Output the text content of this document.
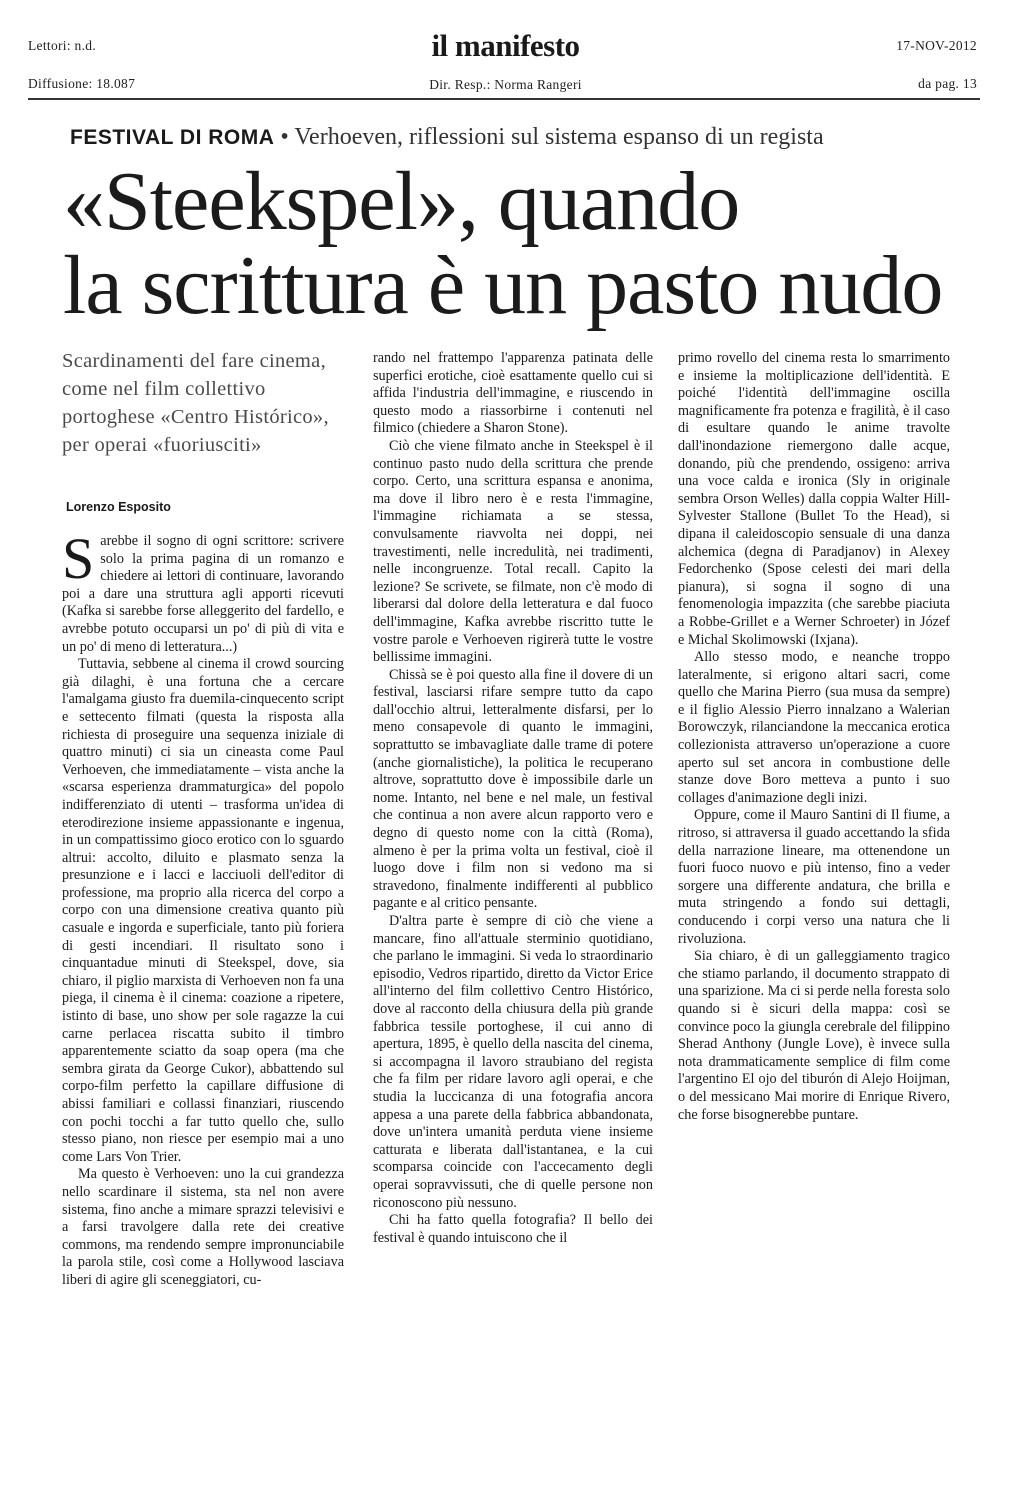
Lettori: n.d.
Diffusione: 18.087
il manifesto
Dir. Resp.: Norma Rangeri
17-NOV-2012
da pag. 13
FESTIVAL DI ROMA • Verhoeven, riflessioni sul sistema espanso di un regista
«Steekspel», quando
la scrittura è un pasto nudo
Scardinamenti del fare cinema, come nel film collettivo portoghese «Centro Histórico», per operai «fuoriusciti»
Lorenzo Esposito

Sarebbe il sogno di ogni scrittore: scrivere solo la prima pagina di un romanzo e chiedere ai lettori di continuare, lavorando poi a dare una struttura agli apporti ricevuti (Kafka si sarebbe forse alleggerito del fardello, e avrebbe potuto occuparsi un po' di più di vita e un po' di meno di letteratura...)

Tuttavia, sebbene al cinema il crowd sourcing già dilaghi, è una fortuna che a cercare l'amalgama giusto fra duemila-cinquecento script e settecento filmati (questa la risposta alla richiesta di proseguire una sequenza iniziale di quattro minuti) ci sia un cineasta come Paul Verhoeven, che immediatamente – vista anche la «scarsa esperienza drammaturgica» del popolo indifferenziato di utenti – trasforma un'idea di eterodirezione insieme appassionante e ingenua, in un compattissimo gioco erotico con lo sguardo altrui: accolto, diluito e plasmato senza la presunzione e i lacci e lacciuoli dell'editor di professione, ma proprio alla ricerca del corpo a corpo con una dimensione creativa quanto più casuale e ingorda e superficiale, tanto più foriera di gesti incendiari. Il risultato sono i cinquantadue minuti di Steekspel, dove, sia chiaro, il piglio marxista di Verhoeven non fa una piega, il cinema è il cinema: coazione a ripetere, istinto di base, uno show per sole ragazze la cui carne perlacea riscatta subito il timbro apparentemente sciatto da soap opera (ma che sembra girata da George Cukor), abbattendo sul corpo-film perfetto la capillare diffusione di abissi familiari e collassi finanziari, riuscendo con pochi tocchi a far tutto quello che, sullo stesso piano, non riesce per esempio mai a uno come Lars Von Trier.

Ma questo è Verhoeven: uno la cui grandezza nello scardinare il sistema, sta nel non avere sistema, fino anche a mimare sprazzi televisivi e a farsi travolgere dalla rete dei creative commons, ma rendendo sempre impronunciabile la parola stile, così come a Hollywood lasciava liberi di agire gli sceneggiatori, cu-

rando nel frattempo l'apparenza patinata delle superfici erotiche, cioè esattamente quello cui si affida l'industria dell'immagine, e riuscendo in questo modo a riassorbirne i contenuti nel filmico (chiedere a Sharon Stone).

Ciò che viene filmato anche in Steekspel è il continuo pasto nudo della scrittura che prende corpo. Certo, una scrittura espansa e anonima, ma dove il libro nero è e resta l'immagine, l'immagine richiamata a se stessa, convulsamente riavvolta nei doppi, nei travestimenti, nelle incredulità, nei tradimenti, nelle incongruenze. Total recall. Capito la lezione? Se scrivete, se filmate, non c'è modo di liberarsi dal dolore della letteratura e dal fuoco dell'immagine, Kafka avrebbe riscritto tutte le vostre parole e Verhoeven rigirerà tutte le vostre bellissime immagini.

Chissà se è poi questo alla fine il dovere di un festival, lasciarsi rifare sempre tutto da capo dall'occhio altrui, letteralmente disfarsi, per lo meno consapevole di quanto le immagini, soprattutto se imbavagliate dalle trame di potere (anche giornalistiche), la politica le recuperano altrove, soprattutto dove è impossibile darle un nome. Intanto, nel bene e nel male, un festival che continua a non avere alcun rapporto vero e degno di questo nome con la città (Roma), almeno è per la prima volta un festival, cioè il luogo dove i film non si vedono ma si stravedono, finalmente indifferenti al pubblico pagante e al critico pensante.

D'altra parte è sempre di ciò che viene a mancare, fino all'attuale sterminio quotidiano, che parlano le immagini. Si veda lo straordinario episodio, Vedros ripartido, diretto da Victor Erice all'interno del film collettivo Centro Histórico, dove al racconto della chiusura della più grande fabbrica tessile portoghese, il cui anno di apertura, 1895, è quello della nascita del cinema, si accompagna il lavoro straubiano del regista che fa film per ridare lavoro agli operai, e che studia la luccicanza di una fotografia ancora appesa a una parete della fabbrica abbandonata, dove un'intera umanità perduta viene insieme catturata e liberata dall'istantanea, e la cui scomparsa coincide con l'accecamento degli operai sopravvissuti, che di quelle persone non riconoscono più nessuno.

Chi ha fatto quella fotografia? Il bello dei festival è quando intuiscono che il

primo rovello del cinema resta lo smarrimento e insieme la moltiplicazione dell'identità. E poiché l'identità dell'immagine oscilla magnificamente fra potenza e fragilità, è il caso di esultare quando le anime travolte dall'inondazione riemergono dalle acque, donando, più che prendendo, ossigeno: arriva una voce calda e ironica (Sly in originale sembra Orson Welles) dalla coppia Walter Hill-Sylvester Stallone (Bullet To the Head), si dipana il caleidoscopio sensuale di una danza alchemica (degna di Paradjanov) in Alexey Fedorchenko (Spose celesti dei mari della pianura), si sogna il sogno di una fenomenologia impazzita (che sarebbe piaciuta a Robbe-Grillet e a Werner Schroeter) in Józef e Michal Skolimowski (Ixjana).

Allo stesso modo, e neanche troppo lateralmente, si erigono altari sacri, come quello che Marina Pierro (sua musa da sempre) e il figlio Alessio Pierro innalzano a Walerian Borowczyk, rilanciandone la meccanica erotica collezionista attraverso un'operazione a cuore aperto sul set ancora in combustione delle stanze dove Boro metteva a punto i suo collages d'animazione degli inizi.

Oppure, come il Mauro Santini di Il fiume, a ritroso, si attraversa il guado accettando la sfida della narrazione lineare, ma ottenendone un fuori fuoco nuovo e più intenso, fino a veder sorgere una differente andatura, che brilla e muta stringendo a fondo sui dettagli, conducendo i corpi verso una natura che li rivoluziona.

Sia chiaro, è di un galleggiamento tragico che stiamo parlando, il documento strappato di una sparizione. Ma ci si perde nella foresta solo quando si è sicuri della mappa: così se convince poco la giungla cerebrale del filippino Sherad Anthony (Jungle Love), è invece sulla nota drammaticamente semplice di film come l'argentino El ojo del tiburón di Alejo Hoijman, o del messicano Mai morire di Enrique Rivero, che forse bisognerebbe puntare.
